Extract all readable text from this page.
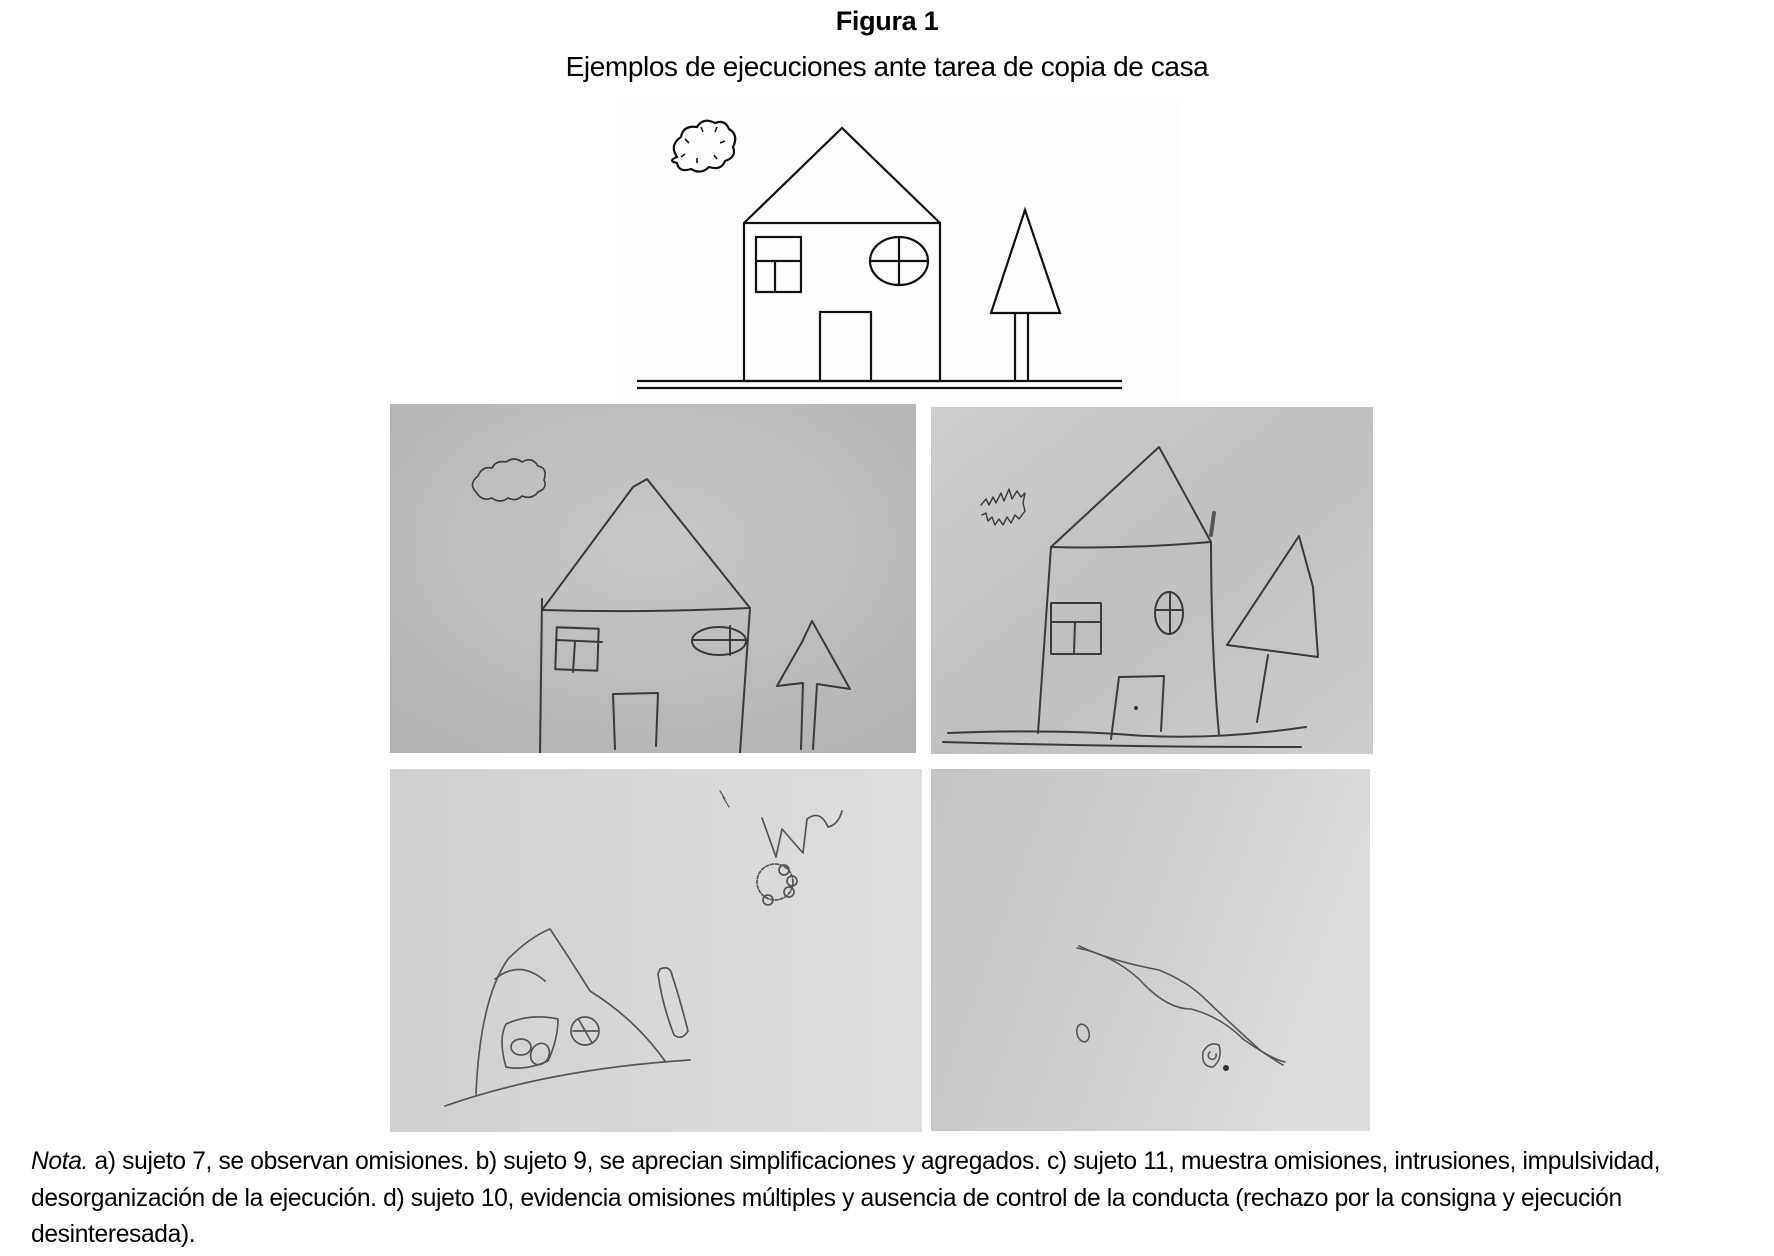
Figura 1
Ejemplos de ejecuciones ante tarea de copia de casa
Nota. a) sujeto 7, se observan omisiones. b) sujeto 9, se aprecian simplificaciones y agregados. c) sujeto 11, muestra omisiones, intrusiones, impulsividad, desorganización de la ejecución. d) sujeto 10, evidencia omisiones múltiples y ausencia de control de la conducta (rechazo por la consigna y ejecución desinteresada).
